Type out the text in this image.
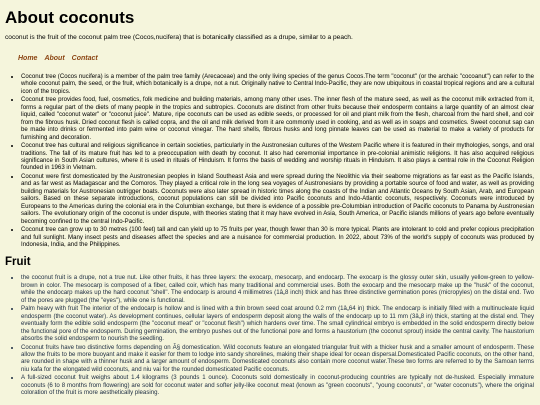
About coconuts

coconut is the fruit of the coconut palm tree (Cocos,nucifera) that is botanically classified as a drupe, similar to a peach.

Home About Contact
• Coconut tree (Cocos nucifera) is a member of the palm tree family (Arecaceae) and the only living species of the genus Cocos.The term "coconut" (or the archaic "cocoanut") can refer to the whole coconut palm, the seed, or the fruit, which botanically is a drupe, not a nut. Originally native to Central Indo-Pacific, they are now ubiquitous in coastal tropical regions and are a cultural icon of the tropics.
• Coconut tree provides food, fuel, cosmetics, folk medicine and building materials, among many other uses. The inner flesh of the mature seed, as well as the coconut milk extracted from it, forms a regular part of the diets of many people in the tropics and subtropics. Coconuts are distinct from other fruits because their endosperm contains a large quantity of an almost clear liquid, called "coconut water" or "coconut juice". Mature, ripe coconuts can be used as edible seeds, or processed for oil and plant milk from the flesh, charcoal from the hard shell, and coir from the fibrous husk. Dried coconut flesh is called copra, and the oil and milk derived from it are commonly used in cooking, and as well as in soaps and cosmetics. Sweet coconut sap can be made into drinks or fermented into palm wine or coconut vinegar. The hard shells, fibrous husks and long pinnate leaves can be used as material to make a variety of products for furnishing and decoration.
• Coconut tree has cultural and religious significance in certain societies, particularly in the Austronesian cultures of the Western Pacific where it is featured in their mythologies, songs, and oral traditions. The fall of its mature fruit has led to a preoccupation with death by coconut. It also had ceremonial importance in pre-colonial animistic religions. It has also acquired religious significance in South Asian cultures, where it is used in rituals of Hinduism. It forms the basis of wedding and worship rituals in Hinduism. It also plays a central role in the Coconut Religion founded in 1963 in Vietnam.
• Coconut were first domesticated by the Austronesian peoples in Island Southeast Asia and were spread during the Neolithic via their seaborne migrations as far east as the Pacific Islands, and as far west as Madagascar and the Comoros. They played a critical role in the long sea voyages of Austronesians by providing a portable source of food and water, as well as providing building materials for Austronesian outrigger boats. Coconuts were also later spread in historic times along the coasts of the Indian and Atlantic Oceans by South Asian, Arab, and European sailors. Based on these separate introductions, coconut populations can still be divided into Pacific coconuts and Indo-Atlantic coconuts, respectively. Coconuts were introduced by Europeans to the Americas during the colonial era in the Columbian exchange, but there is evidence of a possible pre-Columbian introduction of Pacific coconuts to Panama by Austronesian sailors. The evolutionary origin of the coconut is under dispute, with theories stating that it may have evolved in Asia, South America, or Pacific islands millions of years ago before eventually becoming confined to the central Indo-Pacific.
• Coconut tree can grow up to 30 metres (100 feet) tall and can yield up to 75 fruits per year, though fewer than 30 is more typical. Plants are intolerant to cold and prefer copious precipitation and full sunlight. Many insect pests and diseases affect the species and are a nuisance for commercial production. In 2022, about 73% of the world's supply of coconuts was produced by Indonesia, India, and the Philippines.
Fruit
• the coconut fruit is a drupe, not a true nut. Like other fruits, it has three layers: the exocarp, mesocarp, and endocarp. The exocarp is the glossy outer skin, usually yellow-green to yellow-brown in color. The mesocarp is composed of a fiber, called coir, which has many traditional and commercial uses. Both the exocarp and the mesocarp make up the "husk" of the coconut, while the endocarp makes up the hard coconut "shell". The endocarp is around 4 millimetres (1â„8 inch) thick and has three distinctive germination pores (micropyles) on the distal end. Two of the pores are plugged (the "eyes"), while one is functional.
• Palm heavy with fruit The interior of the endocarp is hollow and is lined with a thin brown seed coat around 0.2 mm (1â„64 in) thick. The endocarp is initially filled with a multinucleate liquid endosperm (the coconut water). As development continues, cellular layers of endosperm deposit along the walls of the endocarp up to 11 mm (3â„8 in) thick, starting at the distal end. They eventually form the edible solid endosperm (the "coconut meat" or "coconut flesh") which hardens over time. The small cylindrical embryo is embedded in the solid endosperm directly below the functional pore of the endosperm. During germination, the embryo pushes out of the functional pore and forms a haustorium (the coconut sprout) inside the central cavity. The haustorium absorbs the solid endosperm to nourish the seedling.
• Coconut fruits have two distinctive forms depending on Ã§ domestication. Wild coconuts feature an elongated triangular fruit with a thicker husk and a smaller amount of endosperm. These allow the fruits to be more buoyant and make it easier for them to lodge into sandy shorelines, making their shape ideal for ocean dispersal.Domesticated Pacific coconuts, on the other hand, are rounded in shape with a thinner husk and a larger amount of endosperm. Domesticated coconuts also contain more coconut water.These two forms are referred to by the Samoan terms niu kafa for the elongated wild coconuts, and niu vai for the rounded domesticated Pacific coconuts.
• A full-sized coconut fruit weighs about 1.4 kilograms (3 pounds 1 ounce). Coconuts sold domestically in coconut-producing countries are typically not de-husked. Especially immature coconuts (6 to 8 months from flowering) are sold for coconut water and softer jelly-like coconut meat (known as "green coconuts", "young coconuts", or "water coconuts"), where the original coloration of the fruit is more aesthetically pleasing.
